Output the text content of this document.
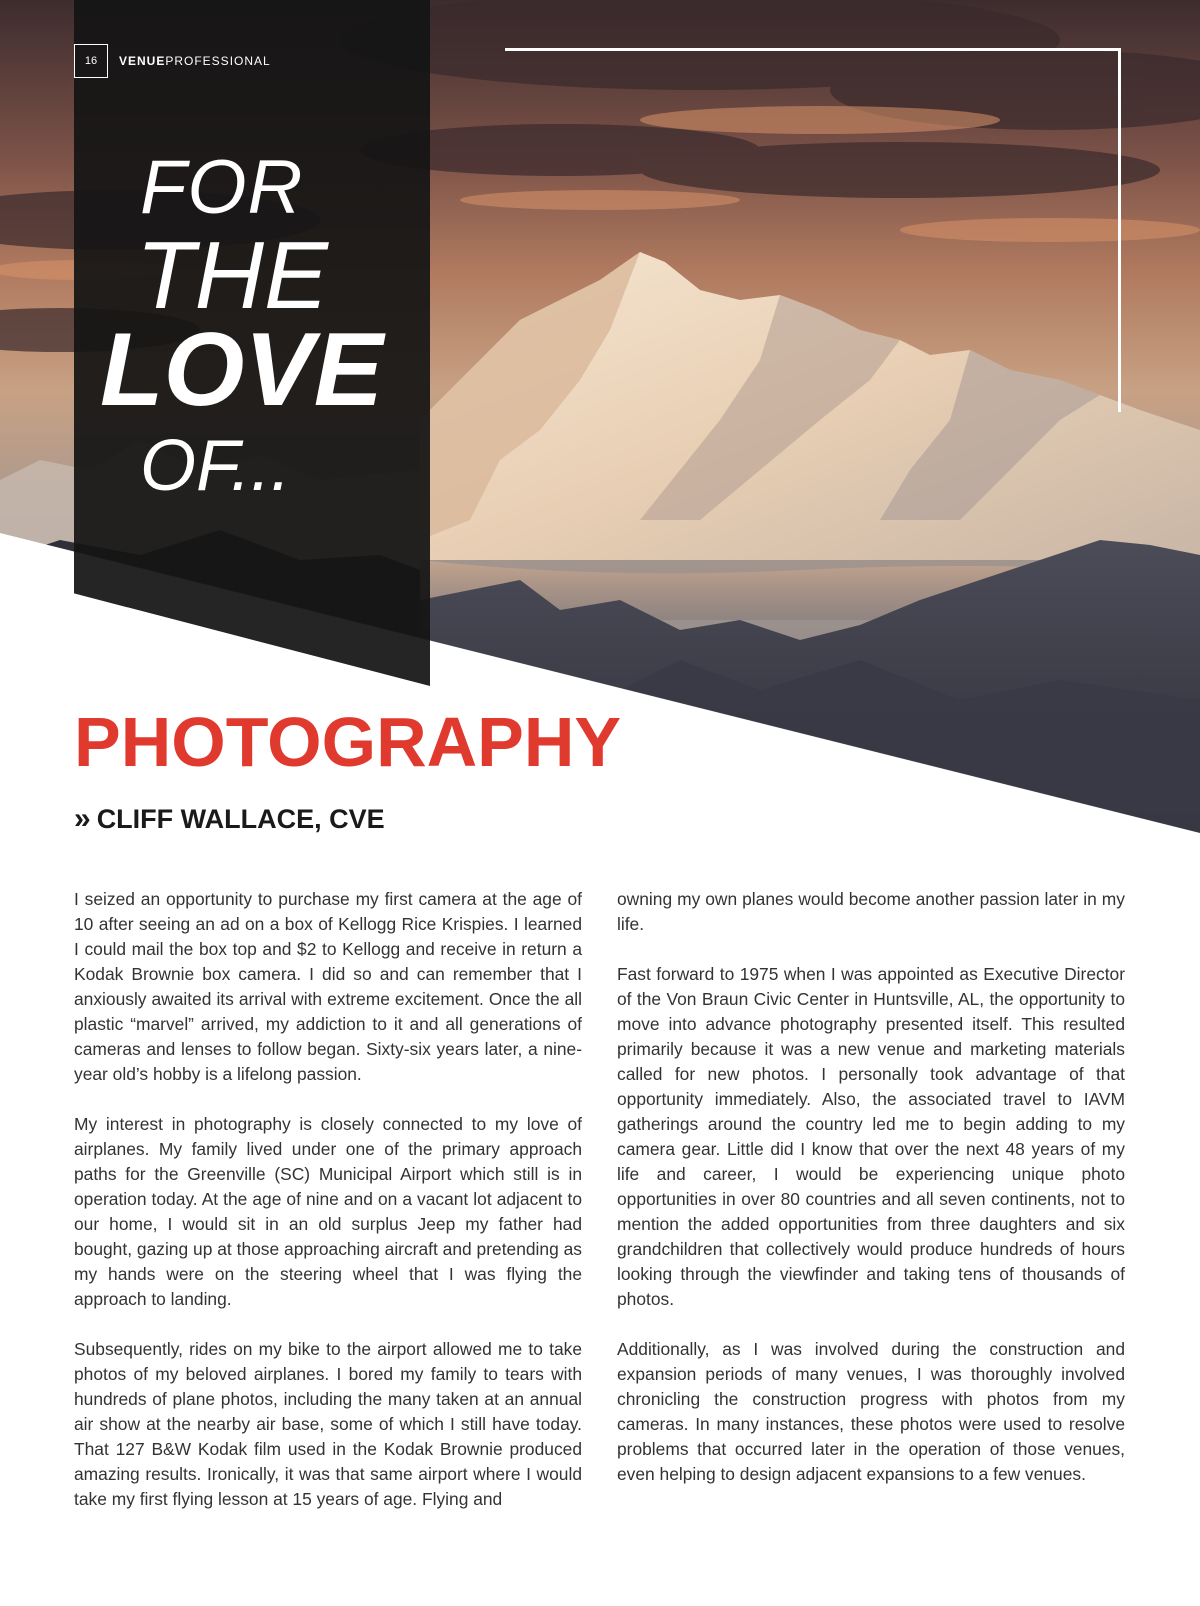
16	VENUEPROFESSIONAL
FOR
THE
LOVE
OF...
PHOTOGRAPHY
» CLIFF WALLACE, CVE

I seized an opportunity to purchase my first camera at the age of 10 after seeing an ad on a box of Kellogg Rice Krispies. I learned I could mail the box top and $2 to Kellogg and receive in return a Kodak Brownie box camera. I did so and can remember that I anxiously awaited its arrival with extreme excitement. Once the all plastic “marvel” arrived, my addiction to it and all generations of cameras and lenses to follow began. Sixty-six years later, a nine-year old’s hobby is a lifelong passion.

My interest in photography is closely connected to my love of airplanes. My family lived under one of the primary approach paths for the Greenville (SC) Municipal Airport which still is in operation today. At the age of nine and on a vacant lot adjacent to our home, I would sit in an old surplus Jeep my father had bought, gazing up at those approaching aircraft and pretending as my hands were on the steering wheel that I was flying the approach to landing.

Subsequently, rides on my bike to the airport allowed me to take photos of my beloved airplanes. I bored my family to tears with hundreds of plane photos, including the many taken at an annual air show at the nearby air base, some of which I still have today. That 127 B&W Kodak film used in the Kodak Brownie produced amazing results. Ironically, it was that same airport where I would take my first flying lesson at 15 years of age. Flying and

owning my own planes would become another passion later in my life.

Fast forward to 1975 when I was appointed as Executive Director of the Von Braun Civic Center in Huntsville, AL, the opportunity to move into advance photography presented itself. This resulted primarily because it was a new venue and marketing materials called for new photos. I personally took advantage of that opportunity immediately. Also, the associated travel to IAVM gatherings around the country led me to begin adding to my camera gear. Little did I know that over the next 48 years of my life and career, I would be experiencing unique photo opportunities in over 80 countries and all seven continents, not to mention the added opportunities from three daughters and six grandchildren that collectively would produce hundreds of hours looking through the viewfinder and taking tens of thousands of photos.

Additionally, as I was involved during the construction and expansion periods of many venues, I was thoroughly involved chronicling the construction progress with photos from my cameras. In many instances, these photos were used to resolve problems that occurred later in the operation of those venues, even helping to design adjacent expansions to a few venues.
